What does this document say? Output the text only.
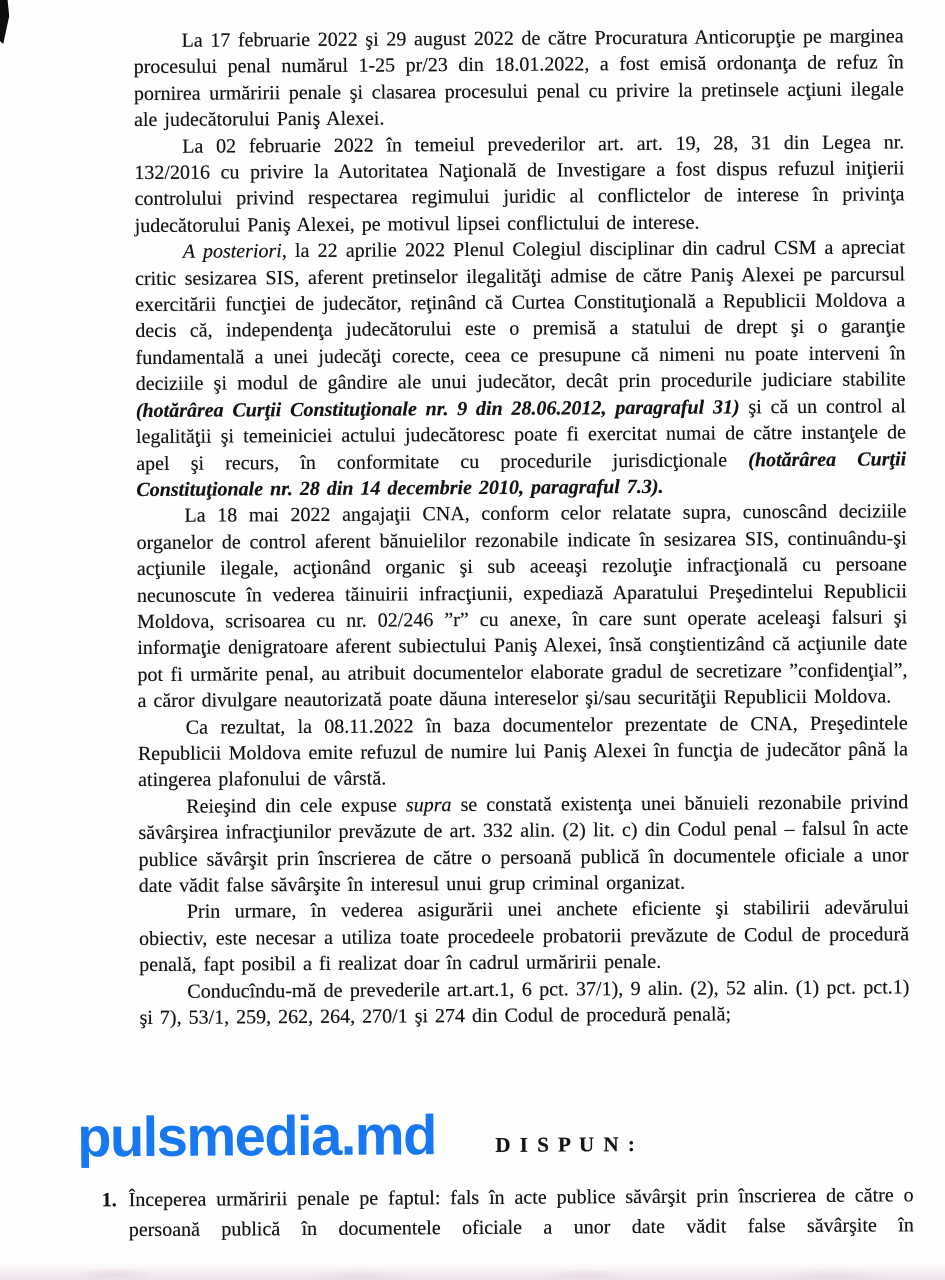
La 17 februarie 2022 şi 29 august 2022 de către Procuratura Anticorupţie pe marginea procesului penal numărul 1-25 pr/23 din 18.01.2022, a fost emisă ordonanţa de refuz în pornirea urmăririi penale şi clasarea procesului penal cu privire la pretinsele acţiuni ilegale ale judecătorului Paniş Alexei.

La 02 februarie 2022 în temeiul prevederilor art. art. 19, 28, 31 din Legea nr. 132/2016 cu privire la Autoritatea Naţională de Investigare a fost dispus refuzul iniţierii controlului privind respectarea regimului juridic al conflictelor de interese în privinţa judecătorului Paniş Alexei, pe motivul lipsei conflictului de interese.

A posteriori, la 22 aprilie 2022 Plenul Colegiul disciplinar din cadrul CSM a apreciat critic sesizarea SIS, aferent pretinselor ilegalităţi admise de către Paniş Alexei pe parcursul exercitării funcţiei de judecător, reţinând că Curtea Constituţională a Republicii Moldova a decis că, independenţa judecătorului este o premisă a statului de drept şi o garanţie fundamentală a unei judecăţi corecte, ceea ce presupune că nimeni nu poate interveni în deciziile şi modul de gândire ale unui judecător, decât prin procedurile judiciare stabilite (hotărârea Curţii Constituţionale nr. 9 din 28.06.2012, paragraful 31) şi că un control al legalităţii şi temeiniciei actului judecătoresc poate fi exercitat numai de către instanţele de apel şi recurs, în conformitate cu procedurile jurisdicţionale (hotărârea Curţii Constituţionale nr. 28 din 14 decembrie 2010, paragraful 7.3).

La 18 mai 2022 angajaţii CNA, conform celor relatate supra, cunoscând deciziile organelor de control aferent bănuielilor rezonabile indicate în sesizarea SIS, continuându-şi acţiunile ilegale, acţionând organic şi sub aceeaşi rezoluţie infracţională cu persoane necunoscute în vederea tăinuirii infracţiunii, expediază Aparatului Preşedintelui Republicii Moldova, scrisoarea cu nr. 02/246 ”r” cu anexe, în care sunt operate aceleaşi falsuri şi informaţie denigratoare aferent subiectului Paniş Alexei, însă conştientizând că acţiunile date pot fi urmărite penal, au atribuit documentelor elaborate gradul de secretizare ”confidenţial”, a căror divulgare neautorizată poate dăuna intereselor şi/sau securităţii Republicii Moldova.

Ca rezultat, la 08.11.2022 în baza documentelor prezentate de CNA, Preşedintele Republicii Moldova emite refuzul de numire lui Paniş Alexei în funcţia de judecător până la atingerea plafonului de vârstă.

Reieşind din cele expuse supra se constată existenţa unei bănuieli rezonabile privind săvârşirea infracţiunilor prevăzute de art. 332 alin. (2) lit. c) din Codul penal – falsul în acte publice săvârşit prin înscrierea de către o persoană publică în documentele oficiale a unor date vădit false săvârşite în interesul unui grup criminal organizat.

Prin urmare, în vederea asigurării unei anchete eficiente şi stabilirii adevărului obiectiv, este necesar a utiliza toate procedeele probatorii prevăzute de Codul de procedură penală, fapt posibil a fi realizat doar în cadrul urmăririi penale.

Conducîndu-mă de prevederile art.art.1, 6 pct. 37/1), 9 alin. (2), 52 alin. (1) pct. pct.1) şi 7), 53/1, 259, 262, 264, 270/1 şi 274 din Codul de procedură penală;

pulsmedia.md	D I S P U N :
1. Începerea urmăririi penale pe faptul: fals în acte publice săvârşit prin înscrierea de către o persoană publică în documentele oficiale a unor date vădit false săvârşite în
